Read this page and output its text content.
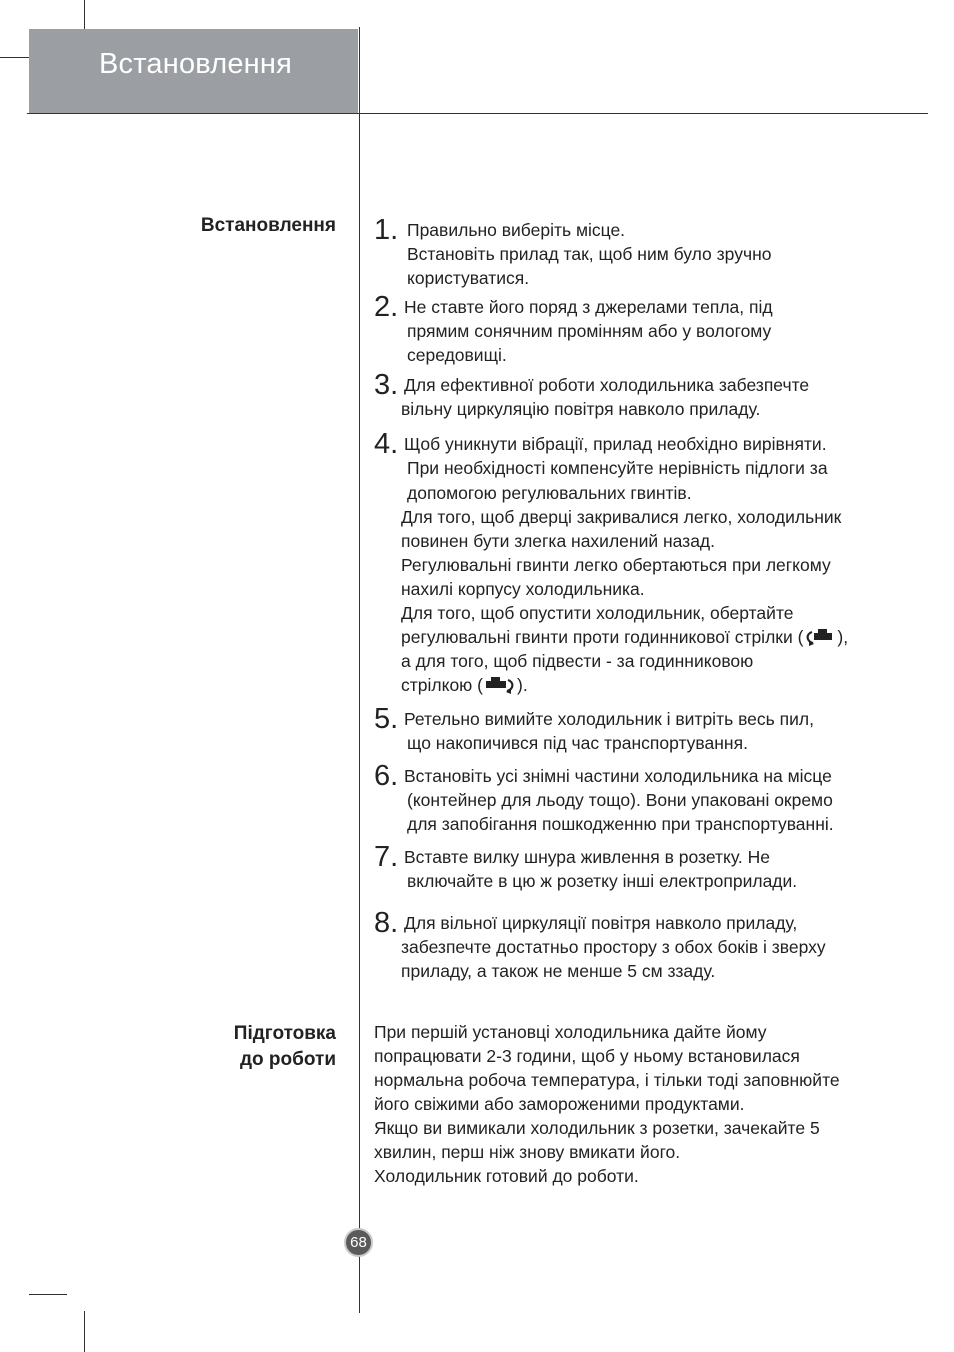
Встановлення
Встановлення
Підготовка
до роботи
1. Правильно виберіть місце.
Встановіть прилад так, щоб ним було зручно
користуватися.
2. Не ставте його поряд з джерелами тепла, під
прямим сонячним промінням або у вологому
середовищі.
3. Для ефективної роботи холодильника забезпечте
вільну циркуляцію повітря навколо приладу.
4. Щоб уникнути вібрації, прилад необхідно вирівняти.
При необхідності компенсуйте нерівність підлоги за
допомогою регулювальних гвинтів.
Для того, щоб дверці закривалися легко, холодильник
повинен бути злегка нахилений назад.
Регулювальні гвинти легко обертаються при легкому
нахилі корпусу холодильника.
Для того, щоб опустити холодильник, обертайте
регулювальні гвинти проти годинникової стрілки ( ),
а для того, щоб підвести - за годинниковою
стрілкою ( ).
5. Ретельно вимийте холодильник і витріть весь пил,
що накопичився під час транспортування.
6. Встановіть усі знімні частини холодильника на місце
(контейнер для льоду тощо). Вони упаковані окремо
для запобігання пошкодженню при транспортуванні.
7. Вставте вилку шнура живлення в розетку. Не
включайте в цю ж розетку інші електроприлади.
8. Для вільної циркуляції повітря навколо приладу,
забезпечте достатньо простору з обох боків і зверху
приладу, а також не менше 5 см ззаду.
При першій установці холодильника дайте йому
попрацювати 2-3 години, щоб у ньому встановилася
нормальна робоча температура, і тільки тоді заповнюйте
його свіжими або замороженими продуктами.
Якщо ви вимикали холодильник з розетки, зачекайте 5
хвилин, перш ніж знову вмикати його.
Холодильник готовий до роботи.
68
